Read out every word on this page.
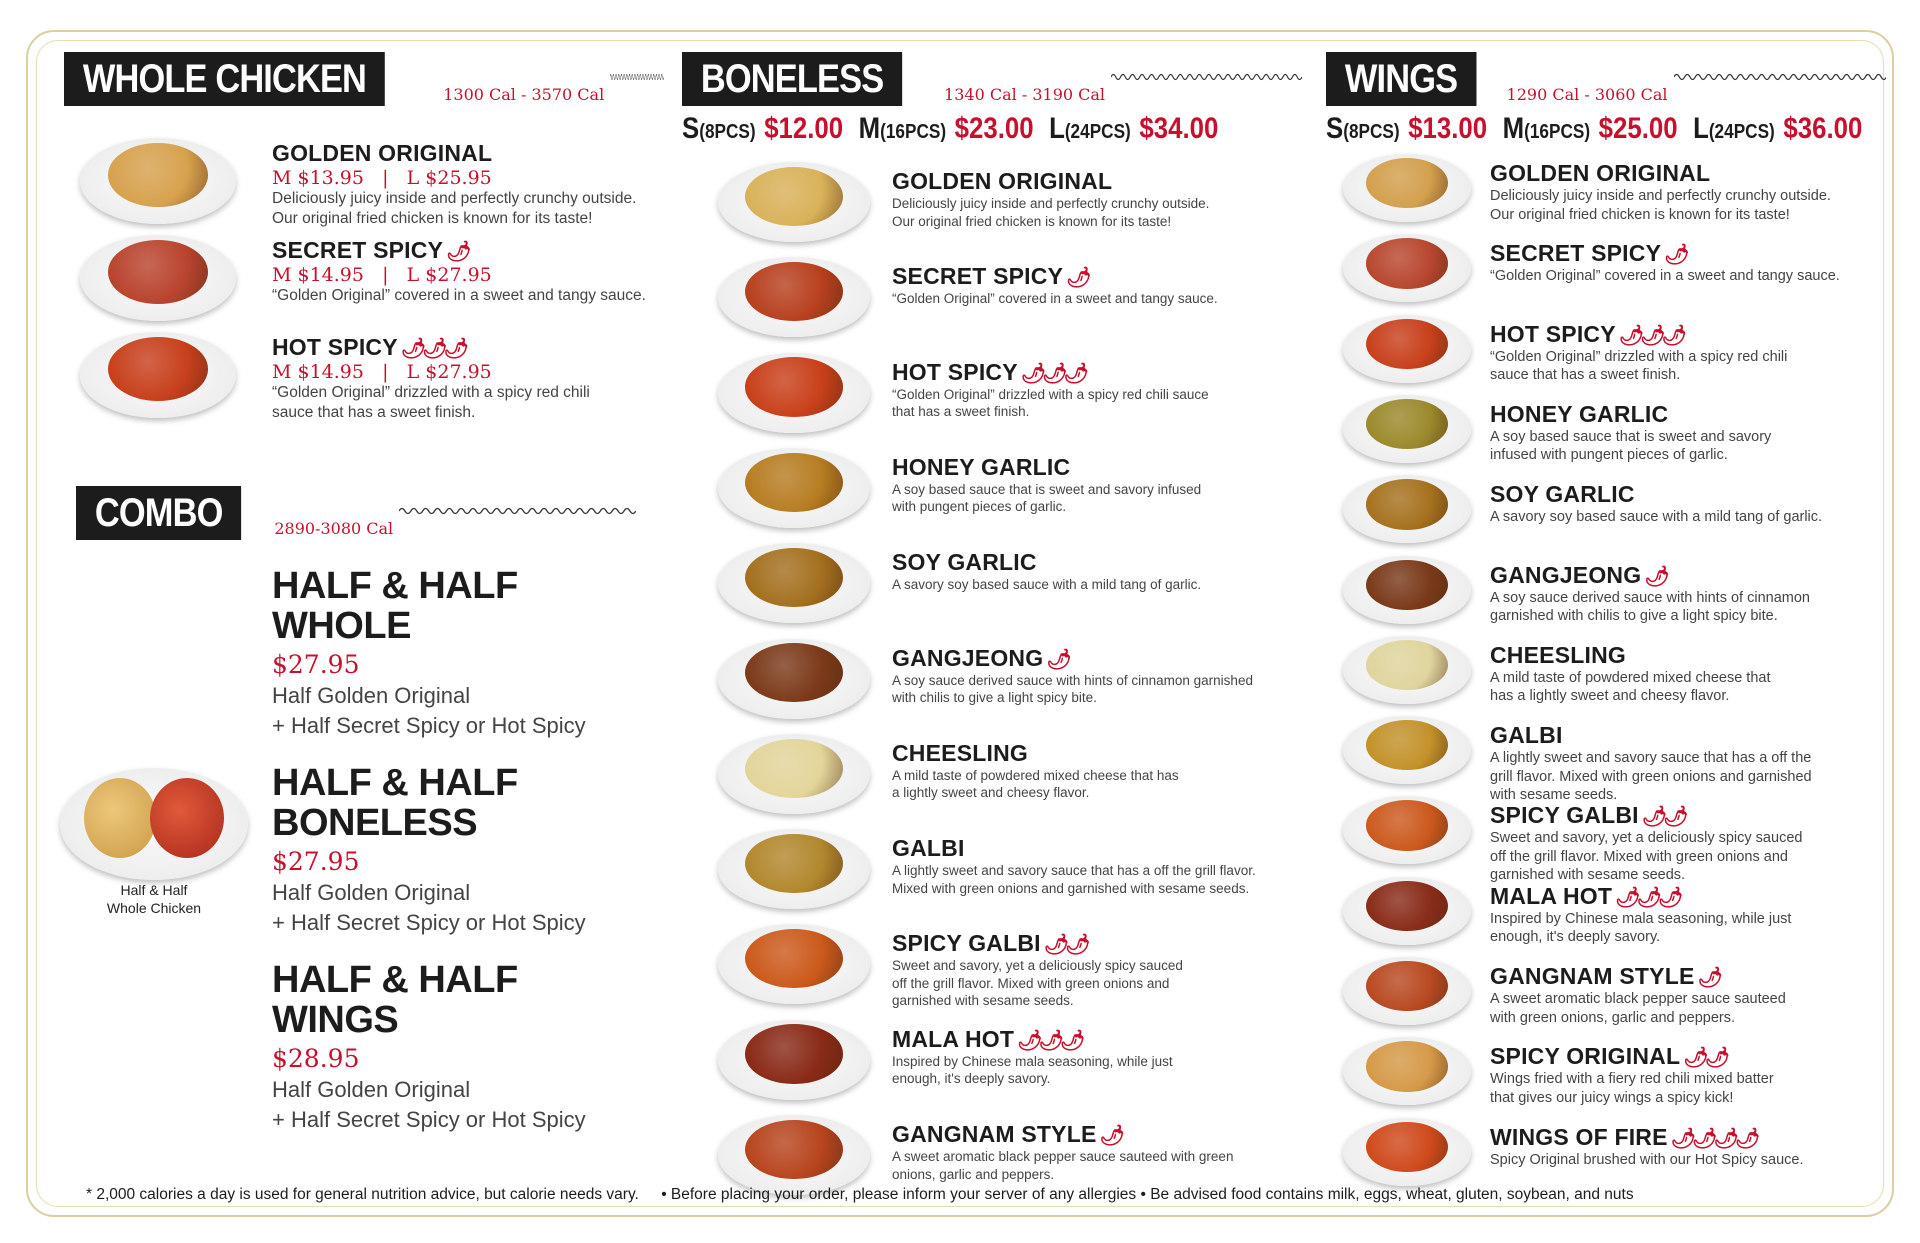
WHOLE CHICKEN	1300 Cal - 3570 Cal
GOLDEN ORIGINAL
M $13.95   |   L $25.95
Deliciously juicy inside and perfectly crunchy outside.
Our original fried chicken is known for its taste!
SECRET SPICY 🌶
M $14.95   |   L $27.95
“Golden Original” covered in a sweet and tangy sauce.
HOT SPICY 🌶🌶🌶
M $14.95   |   L $27.95
“Golden Original” drizzled with a spicy red chili
sauce that has a sweet finish.
COMBO	2890-3080 Cal
Half & Half
Whole Chicken
HALF & HALF
WHOLE
$27.95
Half Golden Original
+ Half Secret Spicy or Hot Spicy
HALF & HALF
BONELESS
$27.95
Half Golden Original
+ Half Secret Spicy or Hot Spicy
HALF & HALF
WINGS
$28.95
Half Golden Original
+ Half Secret Spicy or Hot Spicy
BONELESS	1340 Cal - 3190 Cal
S (8PCS) $12.00 M (16PCS) $23.00 L (24PCS) $34.00
GOLDEN ORIGINAL
Deliciously juicy inside and perfectly crunchy outside.
Our original fried chicken is known for its taste!
SECRET SPICY 🌶
“Golden Original” covered in a sweet and tangy sauce.
HOT SPICY 🌶🌶🌶
“Golden Original” drizzled with a spicy red chili sauce
that has a sweet finish.
HONEY GARLIC
A soy based sauce that is sweet and savory infused
with pungent pieces of garlic.
SOY GARLIC
A savory soy based sauce with a mild tang of garlic.
GANGJEONG 🌶
A soy sauce derived sauce with hints of cinnamon garnished
with chilis to give a light spicy bite.
CHEESLING
A mild taste of powdered mixed cheese that has
a lightly sweet and cheesy flavor.
GALBI
A lightly sweet and savory sauce that has a off the grill flavor.
Mixed with green onions and garnished with sesame seeds.
SPICY GALBI 🌶🌶
Sweet and savory, yet a deliciously spicy sauced
off the grill flavor. Mixed with green onions and
garnished with sesame seeds.
MALA HOT 🌶🌶🌶
Inspired by Chinese mala seasoning, while just
enough, it's deeply savory.
GANGNAM STYLE 🌶
A sweet aromatic black pepper sauce sauteed with green
onions, garlic and peppers.
WINGS	1290 Cal - 3060 Cal
S (8PCS) $13.00 M (16PCS) $25.00 L (24PCS) $36.00
GOLDEN ORIGINAL
Deliciously juicy inside and perfectly crunchy outside.
Our original fried chicken is known for its taste!
SECRET SPICY 🌶
“Golden Original” covered in a sweet and tangy sauce.
HOT SPICY 🌶🌶🌶
“Golden Original” drizzled with a spicy red chili
sauce that has a sweet finish.
HONEY GARLIC
A soy based sauce that is sweet and savory
infused with pungent pieces of garlic.
SOY GARLIC
A savory soy based sauce with a mild tang of garlic.
GANGJEONG 🌶
A soy sauce derived sauce with hints of cinnamon
garnished with chilis to give a light spicy bite.
CHEESLING
A mild taste of powdered mixed cheese that
has a lightly sweet and cheesy flavor.
GALBI
A lightly sweet and savory sauce that has a off the
grill flavor. Mixed with green onions and garnished
with sesame seeds.
SPICY GALBI 🌶🌶
Sweet and savory, yet a deliciously spicy sauced
off the grill flavor. Mixed with green onions and
garnished with sesame seeds.
MALA HOT 🌶🌶🌶
Inspired by Chinese mala seasoning, while just
enough, it's deeply savory.
GANGNAM STYLE 🌶
A sweet aromatic black pepper sauce sauteed
with green onions, garlic and peppers.
SPICY ORIGINAL 🌶🌶
Wings fried with a fiery red chili mixed batter
that gives our juicy wings a spicy kick!
WINGS OF FIRE 🌶🌶🌶🌶
Spicy Original brushed with our Hot Spicy sauce.
* 2,000 calories a day is used for general nutrition advice, but calorie needs vary. • Before placing your order, please inform your server of any allergies • Be advised food contains milk, eggs, wheat, gluten, soybean, and nuts
